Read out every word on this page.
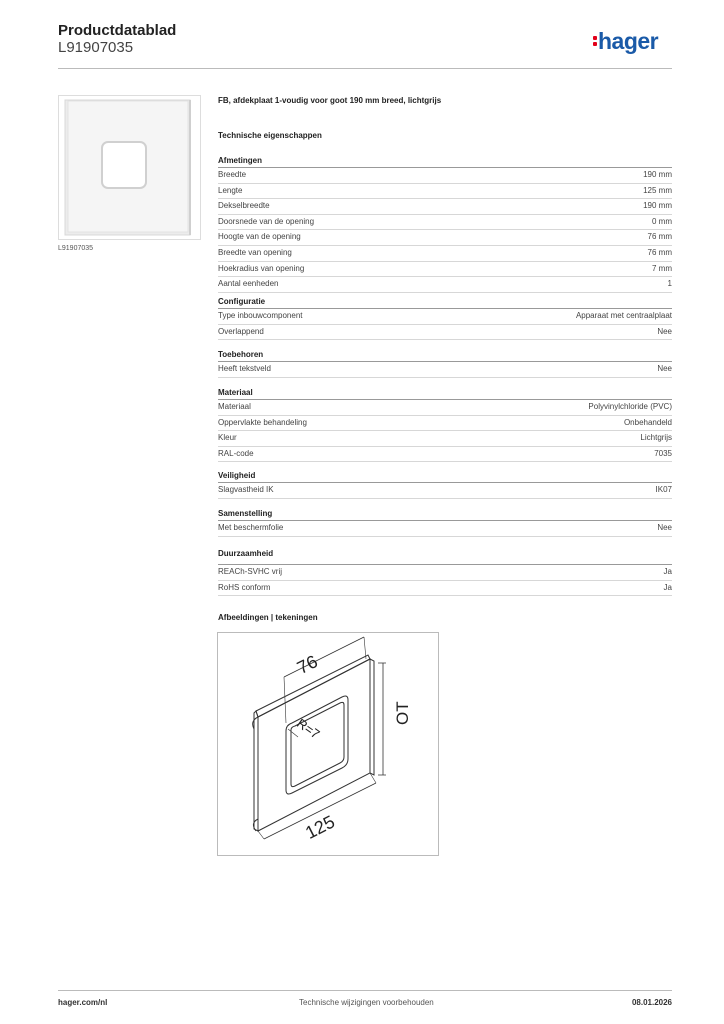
Productdatablad
L91907035	hager
L91907035
FB, afdekplaat 1-voudig voor goot 190 mm breed, lichtgrijs
Technische eigenschappen
Afmetingen
Breedte	190 mm
Lengte	125 mm
Dekselbreedte	190 mm
Doorsnede van de opening	0 mm
Hoogte van de opening	76 mm
Breedte van opening	76 mm
Hoekradius van opening	7 mm
Aantal eenheden	1
Configuratie
Type inbouwcomponent	Apparaat met centraalplaat
Overlappend	Nee
Toebehoren
Heeft tekstveld	Nee
Materiaal
Materiaal	Polyvinylchloride (PVC)
Oppervlakte behandeling	Onbehandeld
Kleur	Lichtgrijs
RAL-code	7035
Veiligheid
Slagvastheid IK	IK07
Samenstelling
Met beschermfolie	Nee
Duurzaamheid
REACh-SVHC vrij	Ja
RoHS conform	Ja
Afbeeldingen | tekeningen
76
R=7
OT
125
hager.com/nl	Technische wijzigingen voorbehouden	08.01.2026
